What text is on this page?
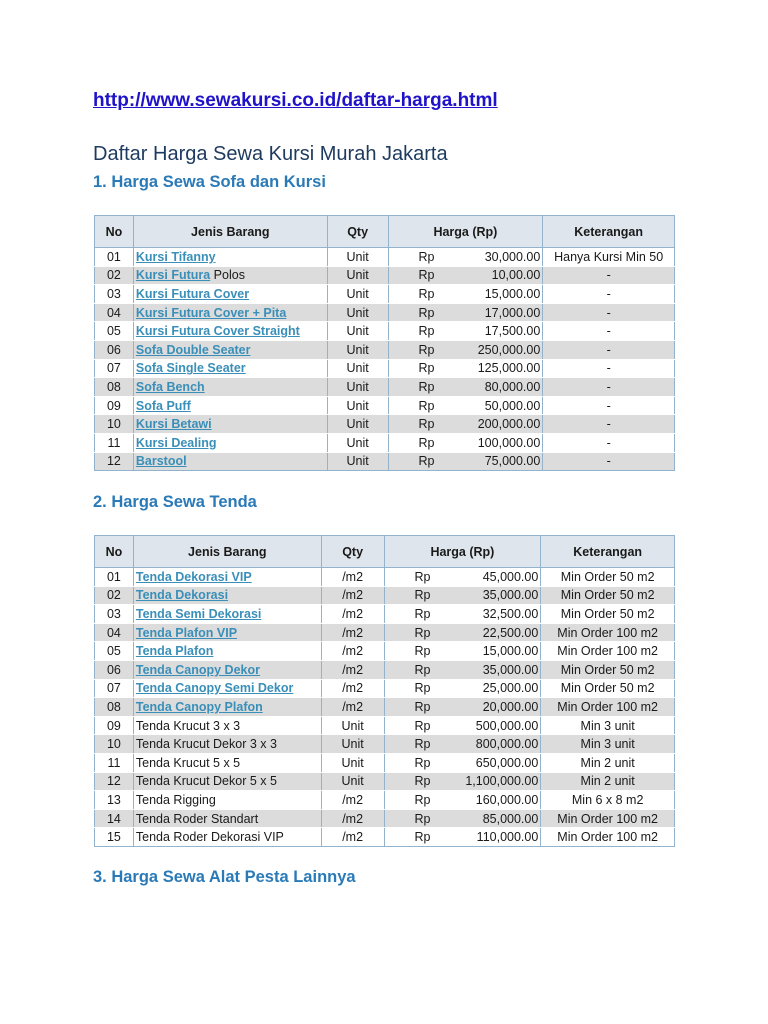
http://www.sewakursi.co.id/daftar-harga.html
Daftar Harga Sewa Kursi Murah Jakarta
1. Harga Sewa Sofa dan Kursi
No	Jenis Barang	Qty	Harga (Rp)	Keterangan
01	Kursi Tifanny	Unit	Rp 30,000.00	Hanya Kursi Min 50
02	Kursi Futura Polos	Unit	Rp 10,00.00	-
03	Kursi Futura Cover	Unit	Rp 15,000.00	-
04	Kursi Futura Cover + Pita	Unit	Rp 17,000.00	-
05	Kursi Futura Cover Straight	Unit	Rp 17,500.00	-
06	Sofa Double Seater	Unit	Rp 250,000.00	-
07	Sofa Single Seater	Unit	Rp 125,000.00	-
08	Sofa Bench	Unit	Rp 80,000.00	-
09	Sofa Puff	Unit	Rp 50,000.00	-
10	Kursi Betawi	Unit	Rp 200,000.00	-
11	Kursi Dealing	Unit	Rp 100,000.00	-
12	Barstool	Unit	Rp 75,000.00	-
2. Harga Sewa Tenda
No	Jenis Barang	Qty	Harga (Rp)	Keterangan
01	Tenda Dekorasi VIP	/m2	Rp 45,000.00	Min Order 50 m2
02	Tenda Dekorasi	/m2	Rp 35,000.00	Min Order 50 m2
03	Tenda Semi Dekorasi	/m2	Rp 32,500.00	Min Order 50 m2
04	Tenda Plafon VIP	/m2	Rp 22,500.00	Min Order 100 m2
05	Tenda Plafon	/m2	Rp 15,000.00	Min Order 100 m2
06	Tenda Canopy Dekor	/m2	Rp 35,000.00	Min Order 50 m2
07	Tenda Canopy Semi Dekor	/m2	Rp 25,000.00	Min Order 50 m2
08	Tenda Canopy Plafon	/m2	Rp 20,000.00	Min Order 100 m2
09	Tenda Krucut 3 x 3	Unit	Rp 500,000.00	Min 3 unit
10	Tenda Krucut Dekor 3 x 3	Unit	Rp 800,000.00	Min 3 unit
11	Tenda Krucut 5 x 5	Unit	Rp 650,000.00	Min 2 unit
12	Tenda Krucut Dekor 5 x 5	Unit	Rp 1,100,000.00	Min 2 unit
13	Tenda Rigging	/m2	Rp 160,000.00	Min 6 x 8 m2
14	Tenda Roder Standart	/m2	Rp 85,000.00	Min Order 100 m2
15	Tenda Roder Dekorasi VIP	/m2	Rp 110,000.00	Min Order 100 m2
3. Harga Sewa Alat Pesta Lainnya
